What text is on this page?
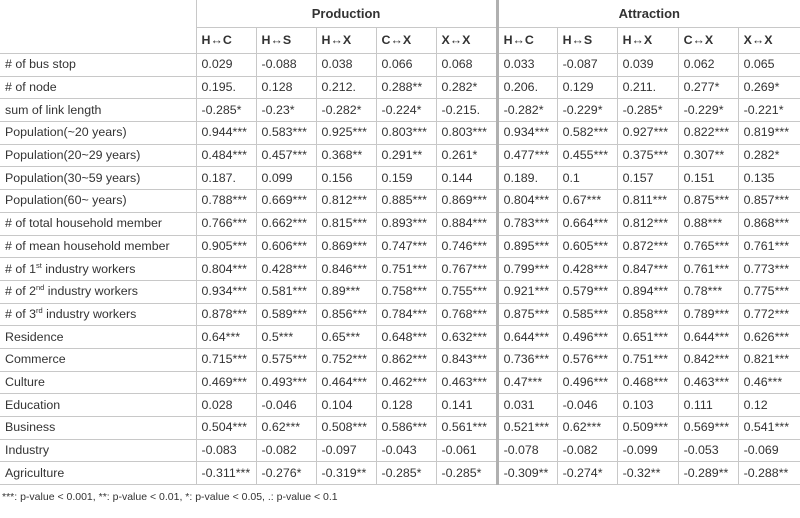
	Production					Attraction				
	H↔C	H↔S	H↔X	C↔X	X↔X	H↔C	H↔S	H↔X	C↔X	X↔X
# of bus stop	0.029	-0.088	0.038	0.066	0.068	0.033	-0.087	0.039	0.062	0.065
# of node	0.195.	0.128	0.212.	0.288**	0.282*	0.206.	0.129	0.211.	0.277*	0.269*
sum of link length	-0.285*	-0.23*	-0.282*	-0.224*	-0.215.	-0.282*	-0.229*	-0.285*	-0.229*	-0.221*
Population(~20 years)	0.944***	0.583***	0.925***	0.803***	0.803***	0.934***	0.582***	0.927***	0.822***	0.819***
Population(20~29 years)	0.484***	0.457***	0.368**	0.291**	0.261*	0.477***	0.455***	0.375***	0.307**	0.282*
Population(30~59 years)	0.187.	0.099	0.156	0.159	0.144	0.189.	0.1	0.157	0.151	0.135
Population(60~ years)	0.788***	0.669***	0.812***	0.885***	0.869***	0.804***	0.67***	0.811***	0.875***	0.857***
# of total household member	0.766***	0.662***	0.815***	0.893***	0.884***	0.783***	0.664***	0.812***	0.88***	0.868***
# of mean household member	0.905***	0.606***	0.869***	0.747***	0.746***	0.895***	0.605***	0.872***	0.765***	0.761***
# of 1st industry workers	0.804***	0.428***	0.846***	0.751***	0.767***	0.799***	0.428***	0.847***	0.761***	0.773***
# of 2nd industry workers	0.934***	0.581***	0.89***	0.758***	0.755***	0.921***	0.579***	0.894***	0.78***	0.775***
# of 3rd industry workers	0.878***	0.589***	0.856***	0.784***	0.768***	0.875***	0.585***	0.858***	0.789***	0.772***
Residence	0.64***	0.5***	0.65***	0.648***	0.632***	0.644***	0.496***	0.651***	0.644***	0.626***
Commerce	0.715***	0.575***	0.752***	0.862***	0.843***	0.736***	0.576***	0.751***	0.842***	0.821***
Culture	0.469***	0.493***	0.464***	0.462***	0.463***	0.47***	0.496***	0.468***	0.463***	0.46***
Education	0.028	-0.046	0.104	0.128	0.141	0.031	-0.046	0.103	0.111	0.12
Business	0.504***	0.62***	0.508***	0.586***	0.561***	0.521***	0.62***	0.509***	0.569***	0.541***
Industry	-0.083	-0.082	-0.097	-0.043	-0.061	-0.078	-0.082	-0.099	-0.053	-0.069
Agriculture	-0.311***	-0.276*	-0.319**	-0.285*	-0.285*	-0.309**	-0.274*	-0.32**	-0.289**	-0.288**
***: p-value < 0.001, **: p-value < 0.01, *: p-value < 0.05, .: p-value < 0.1
